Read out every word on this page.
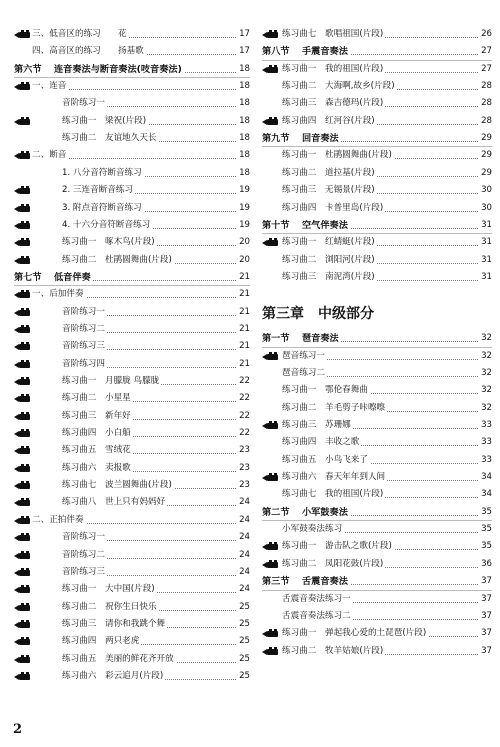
三、低音区的练习　　花	17
四、高音区的练习　　扬基歌	17
第六节　 连音奏法与断音奏法(吱音奏法)	18
一、连音	18
音阶练习一	18
练习曲一　梁祝(片段)	18
练习曲二　友谊地久天长	18
二、断音	18
1. 八分音符断音练习	18
2. 三连音断音练习	19
3. 附点音符断音练习	19
4. 十六分音符断音练习	19
练习曲一　啄木鸟(片段)	20
练习曲二　杜鹃圆舞曲(片段)	20
第七节　 低音伴奏	21
一、后加伴奏	21
音阶练习一	21
音阶练习二	21
音阶练习三	21
音阶练习四	21
练习曲一　月朦胧 鸟朦胧	22
练习曲二　小星星	22
练习曲三　新年好	22
练习曲四　小白船	22
练习曲五　雪绒花	23
练习曲六　卖报歌	23
练习曲七　波兰圆舞曲(片段)	23
练习曲八　世上只有妈妈好	24
二、正拍伴奏	24
音阶练习一	24
音阶练习二	24
音阶练习三	24
练习曲一　大中国(片段)	24
练习曲二　祝你生日快乐	25
练习曲三　请你和我跳个舞	25
练习曲四　两只老虎	25
练习曲五　美丽的鲜花齐开放	25
练习曲六　彩云追月(片段)	25
练习曲七　歌唱祖国(片段)	26
第八节　 手震音奏法	27
练习曲一　我的祖国(片段)	27
练习曲二　大海啊,故乡(片段)	28
练习曲三　森吉德玛(片段)	28
练习曲四　红河谷(片段)	28
第九节　 回音奏法	29
练习曲一　杜鹃圆舞曲(片段)	29
练习曲二　道拉基(片段)	29
练习曲三　无锡景(片段)	30
练习曲四　卡普里岛(片段)	30
第十节　 空气伴奏法	31
练习曲一　红蜻蜓(片段)	31
练习曲二　浏阳河(片段)	31
练习曲三　南泥湾(片段)	31
第三章　中级部分
第一节　 琶音奏法	32
琶音练习一	32
琶音练习二	32
练习曲一　鄂伦春舞曲	32
练习曲二　羊毛剪子咔嚓嚓	32
练习曲三　苏珊娜	33
练习曲四　丰收之歌	33
练习曲五　小鸟飞来了	33
练习曲六　春天年年到人间	34
练习曲七　我的祖国(片段)	34
第二节　 小军鼓奏法	35
小军鼓奏法练习	35
练习曲一　游击队之歌(片段)	35
练习曲二　凤阳花鼓(片段)	36
第三节　 舌震音奏法	37
舌震音奏法练习一	37
舌震音奏法练习二	37
练习曲一　弹起我心爱的土琵琶(片段)	37
练习曲二　牧羊姑娘(片段)	37
2
